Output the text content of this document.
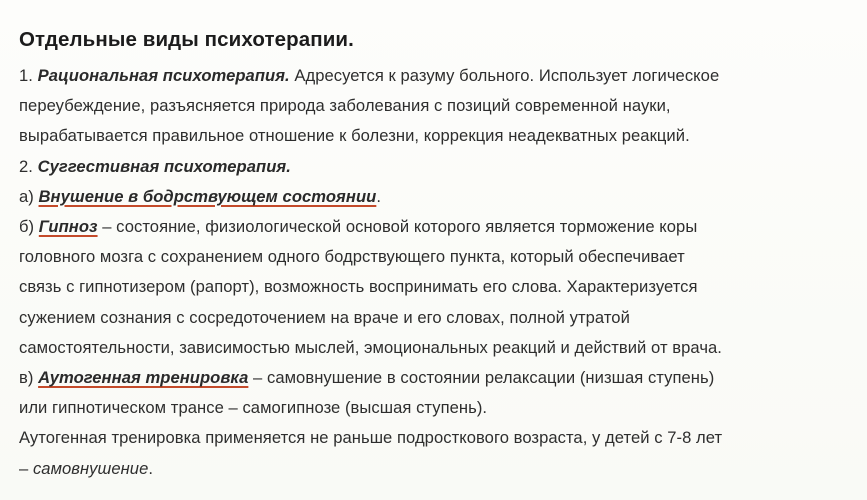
Отдельные виды психотерапии.
1. Рациональная психотерапия. Адресуется к разуму больного. Использует логическое
переубеждение, разъясняется природа заболевания с позиций современной науки,
вырабатывается правильное отношение к болезни, коррекция неадекватных реакций.
2. Суггестивная психотерапия.
а) Внушение в бодрствующем состоянии.
б) Гипноз – состояние, физиологической основой которого является торможение коры
головного мозга с сохранением одного бодрствующего пункта, который обеспечивает
связь с гипнотизером (рапорт), возможность воспринимать его слова. Характеризуется
сужением сознания с сосредоточением на враче и его словах, полной утратой
самостоятельности, зависимостью мыслей, эмоциональных реакций и действий от врача.
в) Аутогенная тренировка – самовнушение в состоянии релаксации (низшая ступень)
или гипнотическом трансе – самогипнозе (высшая ступень).
Аутогенная тренировка применяется не раньше подросткового возраста, у детей с 7-8 лет
– самовнушение.
